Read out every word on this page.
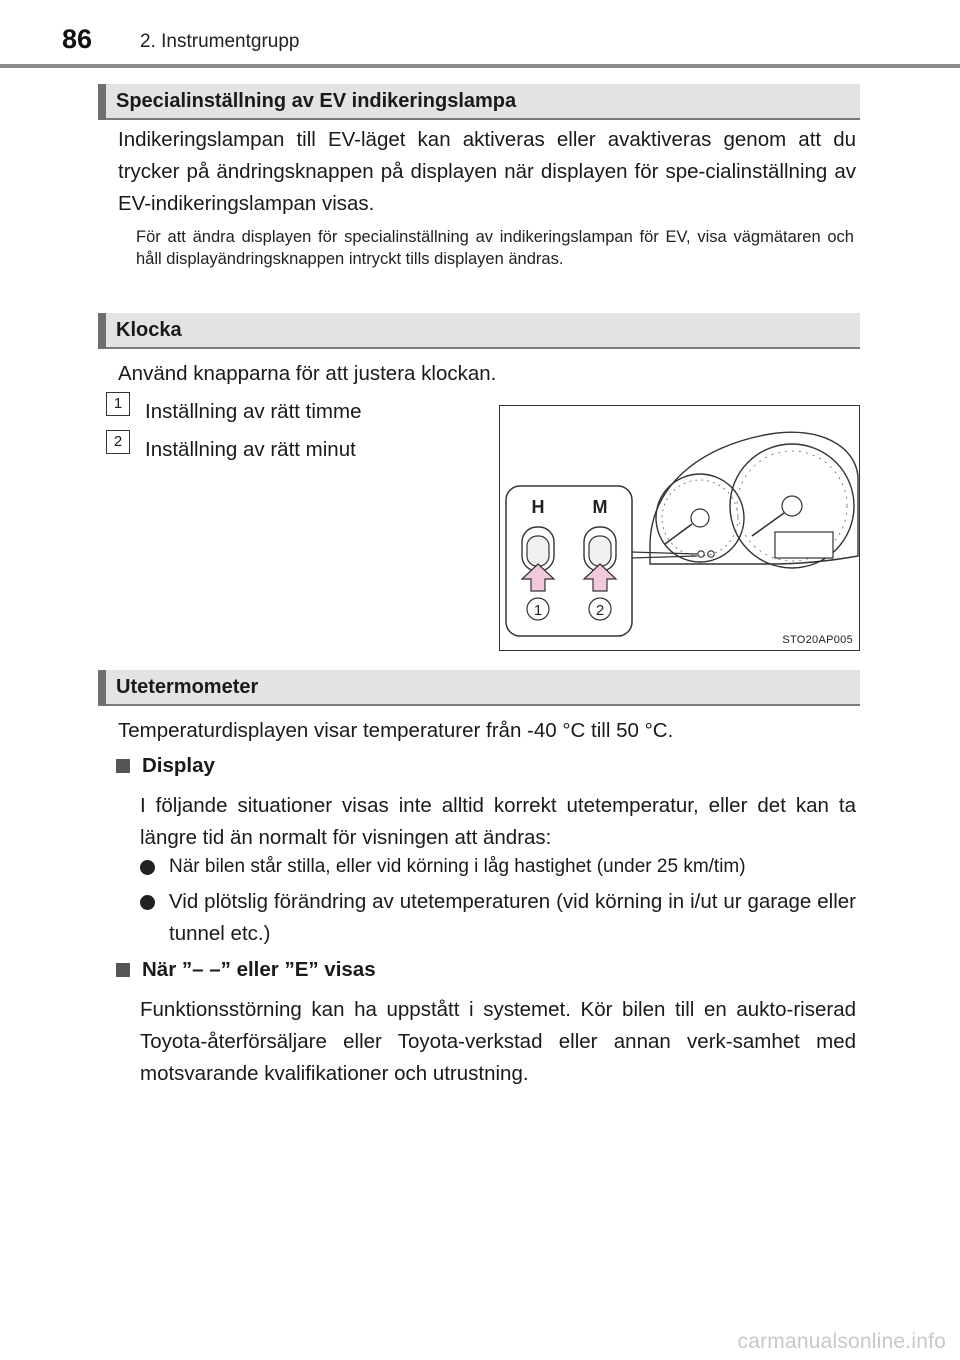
86	2. Instrumentgrupp
Specialinställning av EV indikeringslampa
Indikeringslampan till EV-läget kan aktiveras eller avaktiveras genom att du trycker på ändringsknappen på displayen när displayen för spe-cialinställning av EV-indikeringslampan visas.
För att ändra displayen för specialinställning av indikeringslampan för EV, visa vägmätaren och håll displayändringsknappen intryckt tills displayen ändras.
Klocka
Använd knapparna för att justera klockan.
1	Inställning av rätt timme
2	Inställning av rätt minut
H	M
1	2
STO20AP005
Utetermometer
Temperaturdisplayen visar temperaturer från -40 °C till 50 °C.
Display
I följande situationer visas inte alltid korrekt utetemperatur, eller det kan ta längre tid än normalt för visningen att ändras:
När bilen står stilla, eller vid körning i låg hastighet (under 25 km/tim)
Vid plötslig förändring av utetemperaturen (vid körning in i/ut ur garage eller tunnel etc.)
När ”– –” eller ”E” visas
Funktionsstörning kan ha uppstått i systemet. Kör bilen till en aukto-riserad Toyota-återförsäljare eller Toyota-verkstad eller annan verk-samhet med motsvarande kvalifikationer och utrustning.
carmanualsonline.info
